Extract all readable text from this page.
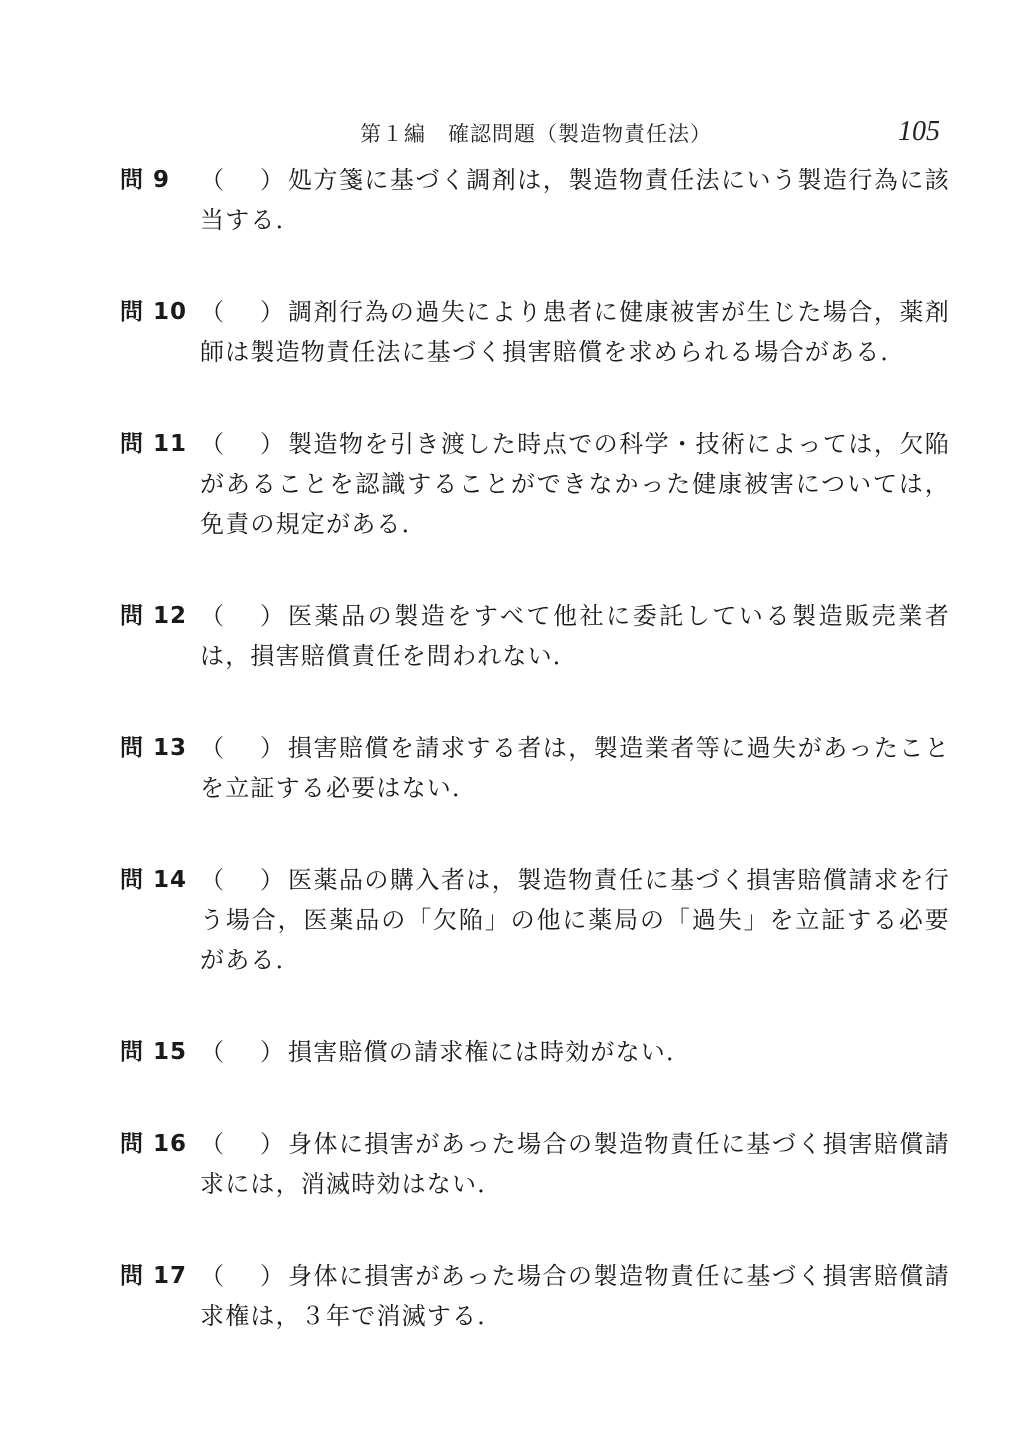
第１編　確認問題（製造物責任法）	105
問 9 （ ） 処方箋に基づく調剤は，製造物責任法にいう製造行為に該当する．

問 10 （ ） 調剤行為の過失により患者に健康被害が生じた場合，薬剤師は製造物責任法に基づく損害賠償を求められる場合がある．

問 11 （ ） 製造物を引き渡した時点での科学・技術によっては，欠陥があることを認識することができなかった健康被害については，免責の規定がある．

問 12 （ ） 医薬品の製造をすべて他社に委託している製造販売業者は，損害賠償責任を問われない．

問 13 （ ） 損害賠償を請求する者は，製造業者等に過失があったことを立証する必要はない．

問 14 （ ） 医薬品の購入者は，製造物責任に基づく損害賠償請求を行う場合，医薬品の「欠陥」の他に薬局の「過失」を立証する必要がある．

問 15 （ ） 損害賠償の請求権には時効がない．

問 16 （ ） 身体に損害があった場合の製造物責任に基づく損害賠償請求には，消滅時効はない．

問 17 （ ） 身体に損害があった場合の製造物責任に基づく損害賠償請求権は，３年で消滅する．
